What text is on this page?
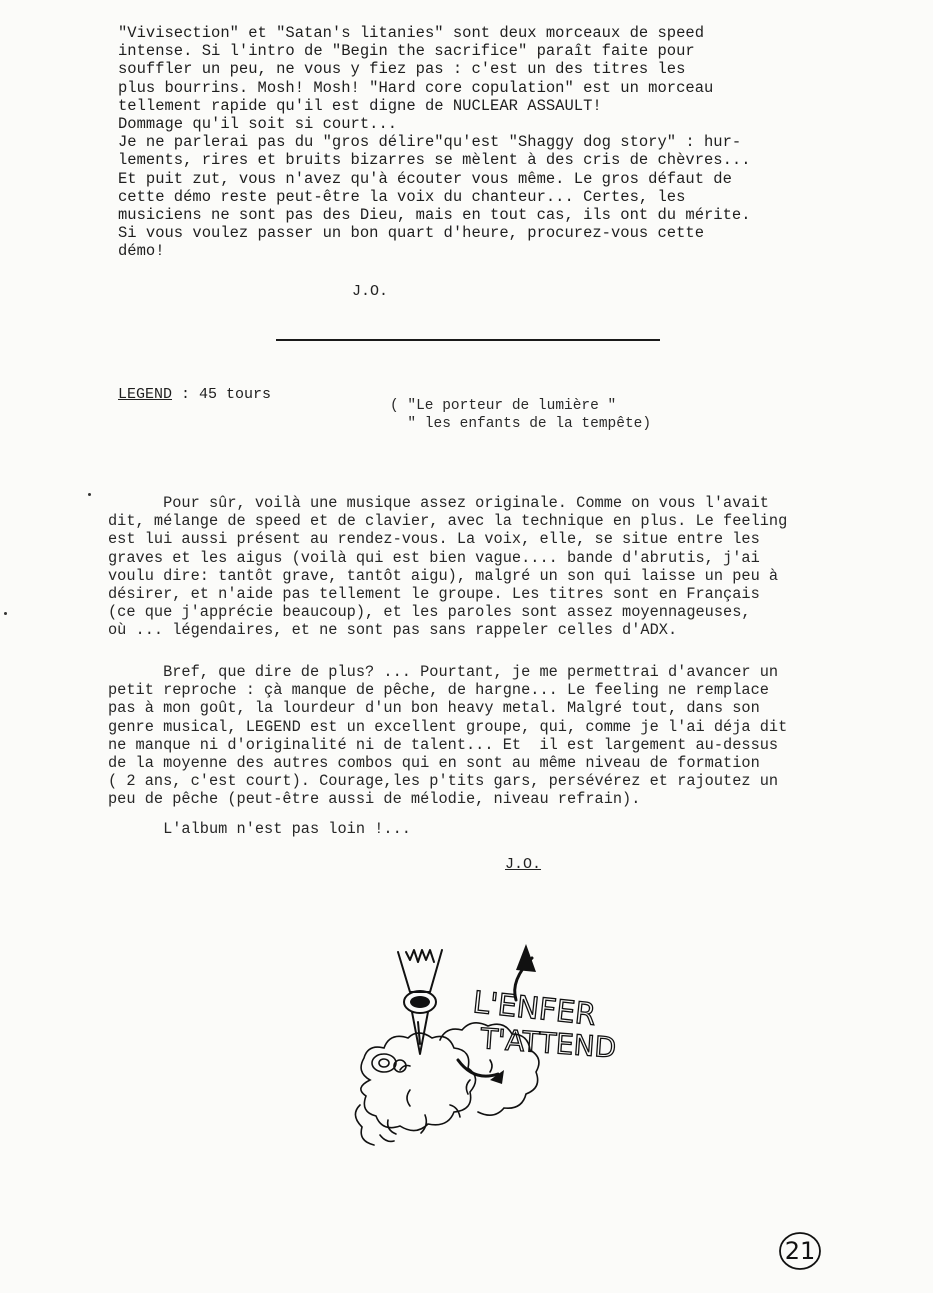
"Vivisection" et "Satan's litanies" sont deux morceaux de speed
intense. Si l'intro de "Begin the sacrifice" paraît faite pour
souffler un peu, ne vous y fiez pas : c'est un des titres les
plus bourrins. Mosh! Mosh! "Hard core copulation" est un morceau
tellement rapide qu'il est digne de NUCLEAR ASSAULT!
Dommage qu'il soit si court...
Je ne parlerai pas du "gros délire"qu'est "Shaggy dog story" : hur-
lements, rires et bruits bizarres se mèlent à des cris de chèvres...
Et puit zut, vous n'avez qu'à écouter vous même. Le gros défaut de
cette démo reste peut-être la voix du chanteur... Certes, les
musiciens ne sont pas des Dieu, mais en tout cas, ils ont du mérite.
Si vous voulez passer un bon quart d'heure, procurez-vous cette
démo!
J.O.
LEGEND : 45 tours
( "Le porteur de lumière "
" les enfants de la tempête)
Pour sûr, voilà une musique assez originale. Comme on vous l'avait
dit, mélange de speed et de clavier, avec la technique en plus. Le feeling
est lui aussi présent au rendez-vous. La voix, elle, se situe entre les
graves et les aigus (voilà qui est bien vague.... bande d'abrutis, j'ai
voulu dire: tantôt grave, tantôt aigu), malgré un son qui laisse un peu à
désirer, et n'aide pas tellement le groupe. Les titres sont en Français
(ce que j'apprécie beaucoup), et les paroles sont assez moyennageuses,
où ... légendaires, et ne sont pas sans rappeler celles d'ADX.
Bref, que dire de plus? ... Pourtant, je me permettrai d'avancer un
petit reproche : çà manque de pêche, de hargne... Le feeling ne remplace
pas à mon goût, la lourdeur d'un bon heavy metal. Malgré tout, dans son
genre musical, LEGEND est un excellent groupe, qui, comme je l'ai déja dit
ne manque ni d'originalité ni de talent... Et  il est largement au-dessus
de la moyenne des autres combos qui en sont au même niveau de formation
( 2 ans, c'est court). Courage,les p'tits gars, persévérez et rajoutez un
peu de pêche (peut-être aussi de mélodie, niveau refrain).
L'album n'est pas loin !...
J.O.
L'ENFER
T'ATTEND
21
